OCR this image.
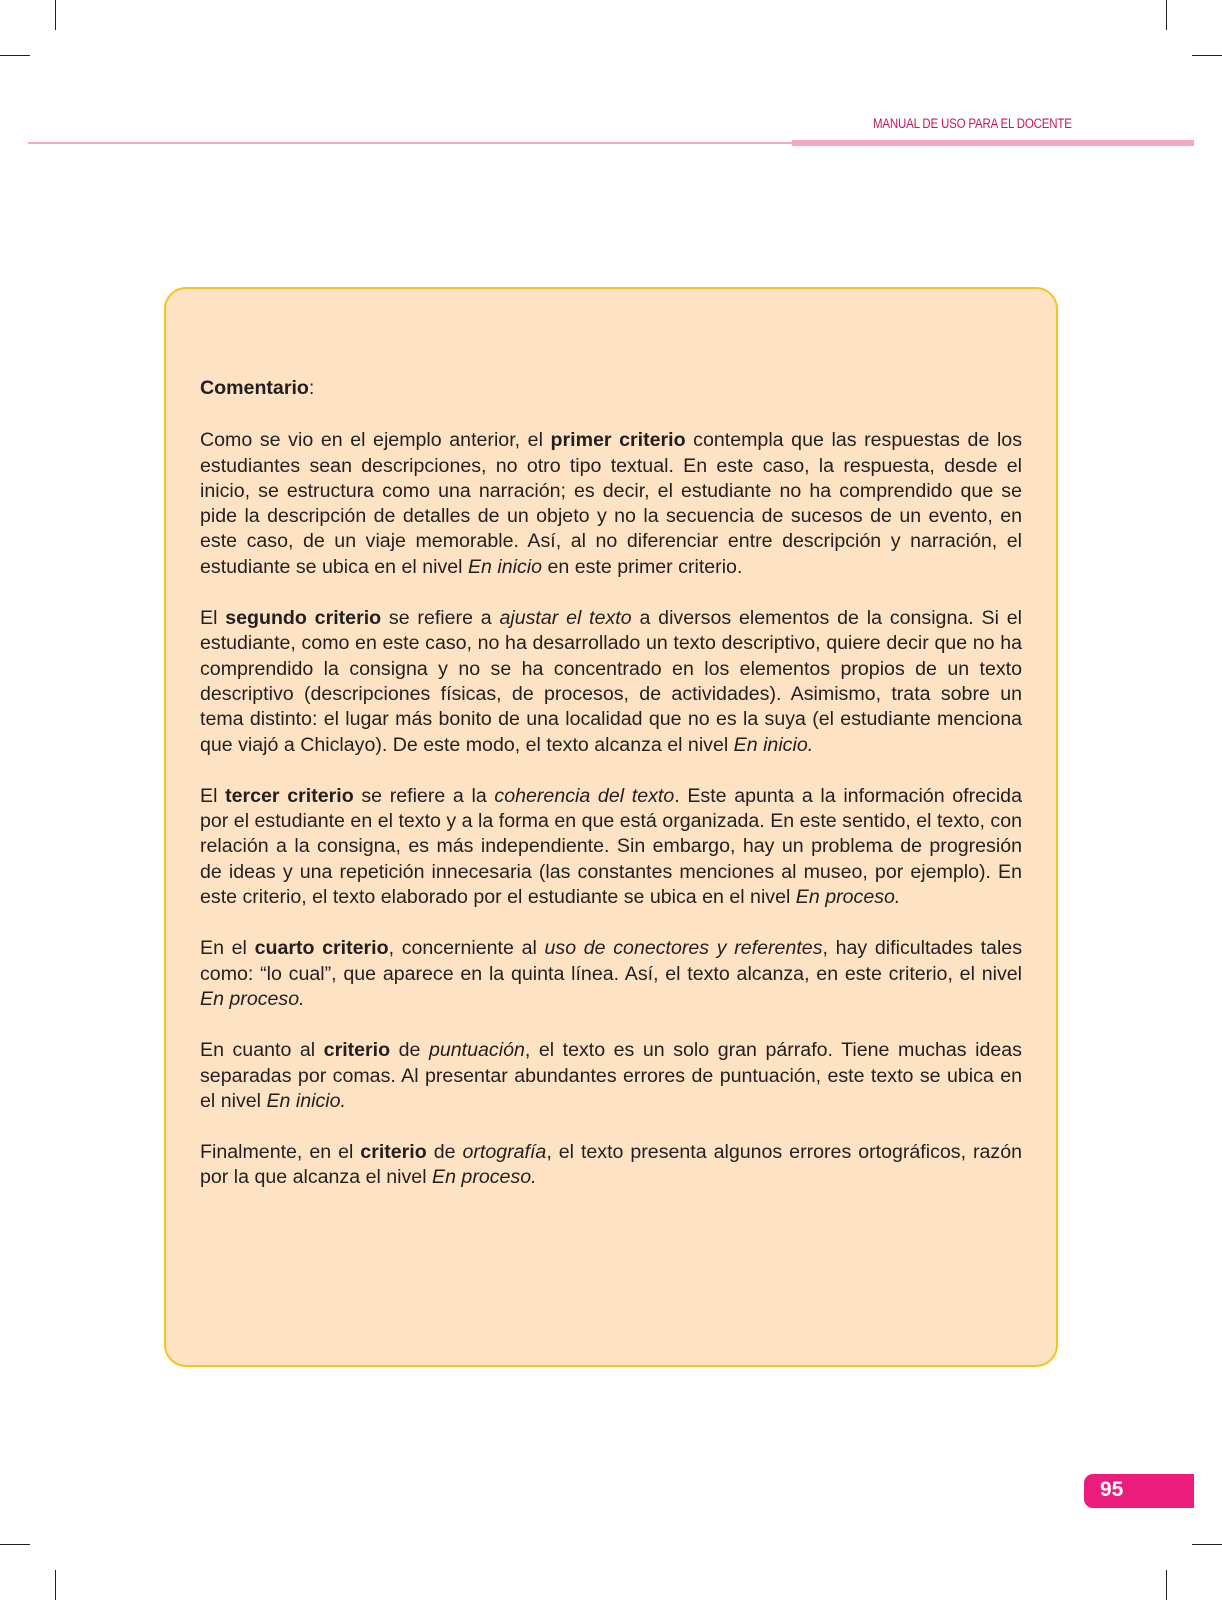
MANUAL DE USO PARA EL DOCENTE

Comentario:

Como se vio en el ejemplo anterior, el primer criterio contempla que las respuestas de los estudiantes sean descripciones, no otro tipo textual. En este caso, la respuesta, desde el inicio, se estructura como una narración; es decir, el estudiante no ha comprendido que se pide la descripción de detalles de un objeto y no la secuencia de sucesos de un evento, en este caso, de un viaje memorable. Así, al no diferenciar entre descripción y narración, el estudiante se ubica en el nivel En inicio en este primer criterio.

El segundo criterio se refiere a ajustar el texto a diversos elementos de la consigna. Si el estudiante, como en este caso, no ha desarrollado un texto descriptivo, quiere decir que no ha comprendido la consigna y no se ha concentrado en los elementos propios de un texto descriptivo (descripciones físicas, de procesos, de actividades). Asimismo, trata sobre un tema distinto: el lugar más bonito de una localidad que no es la suya (el estudiante menciona que viajó a Chiclayo). De este modo, el texto alcanza el nivel En inicio.

El tercer criterio se refiere a la coherencia del texto. Este apunta a la información ofrecida por el estudiante en el texto y a la forma en que está organizada. En este sentido, el texto, con relación a la consigna, es más independiente. Sin embargo, hay un problema de progresión de ideas y una repetición innecesaria (las constantes menciones al museo, por ejemplo). En este criterio, el texto elaborado por el estudiante se ubica en el nivel En proceso.

En el cuarto criterio, concerniente al uso de conectores y referentes, hay dificultades tales como: “lo cual”, que aparece en la quinta línea. Así, el texto alcanza, en este criterio, el nivel En proceso.

En cuanto al criterio de puntuación, el texto es un solo gran párrafo. Tiene muchas ideas separadas por comas. Al presentar abundantes errores de puntuación, este texto se ubica en el nivel En inicio.

Finalmente, en el criterio de ortografía, el texto presenta algunos errores ortográficos, razón por la que alcanza el nivel En proceso.

95
